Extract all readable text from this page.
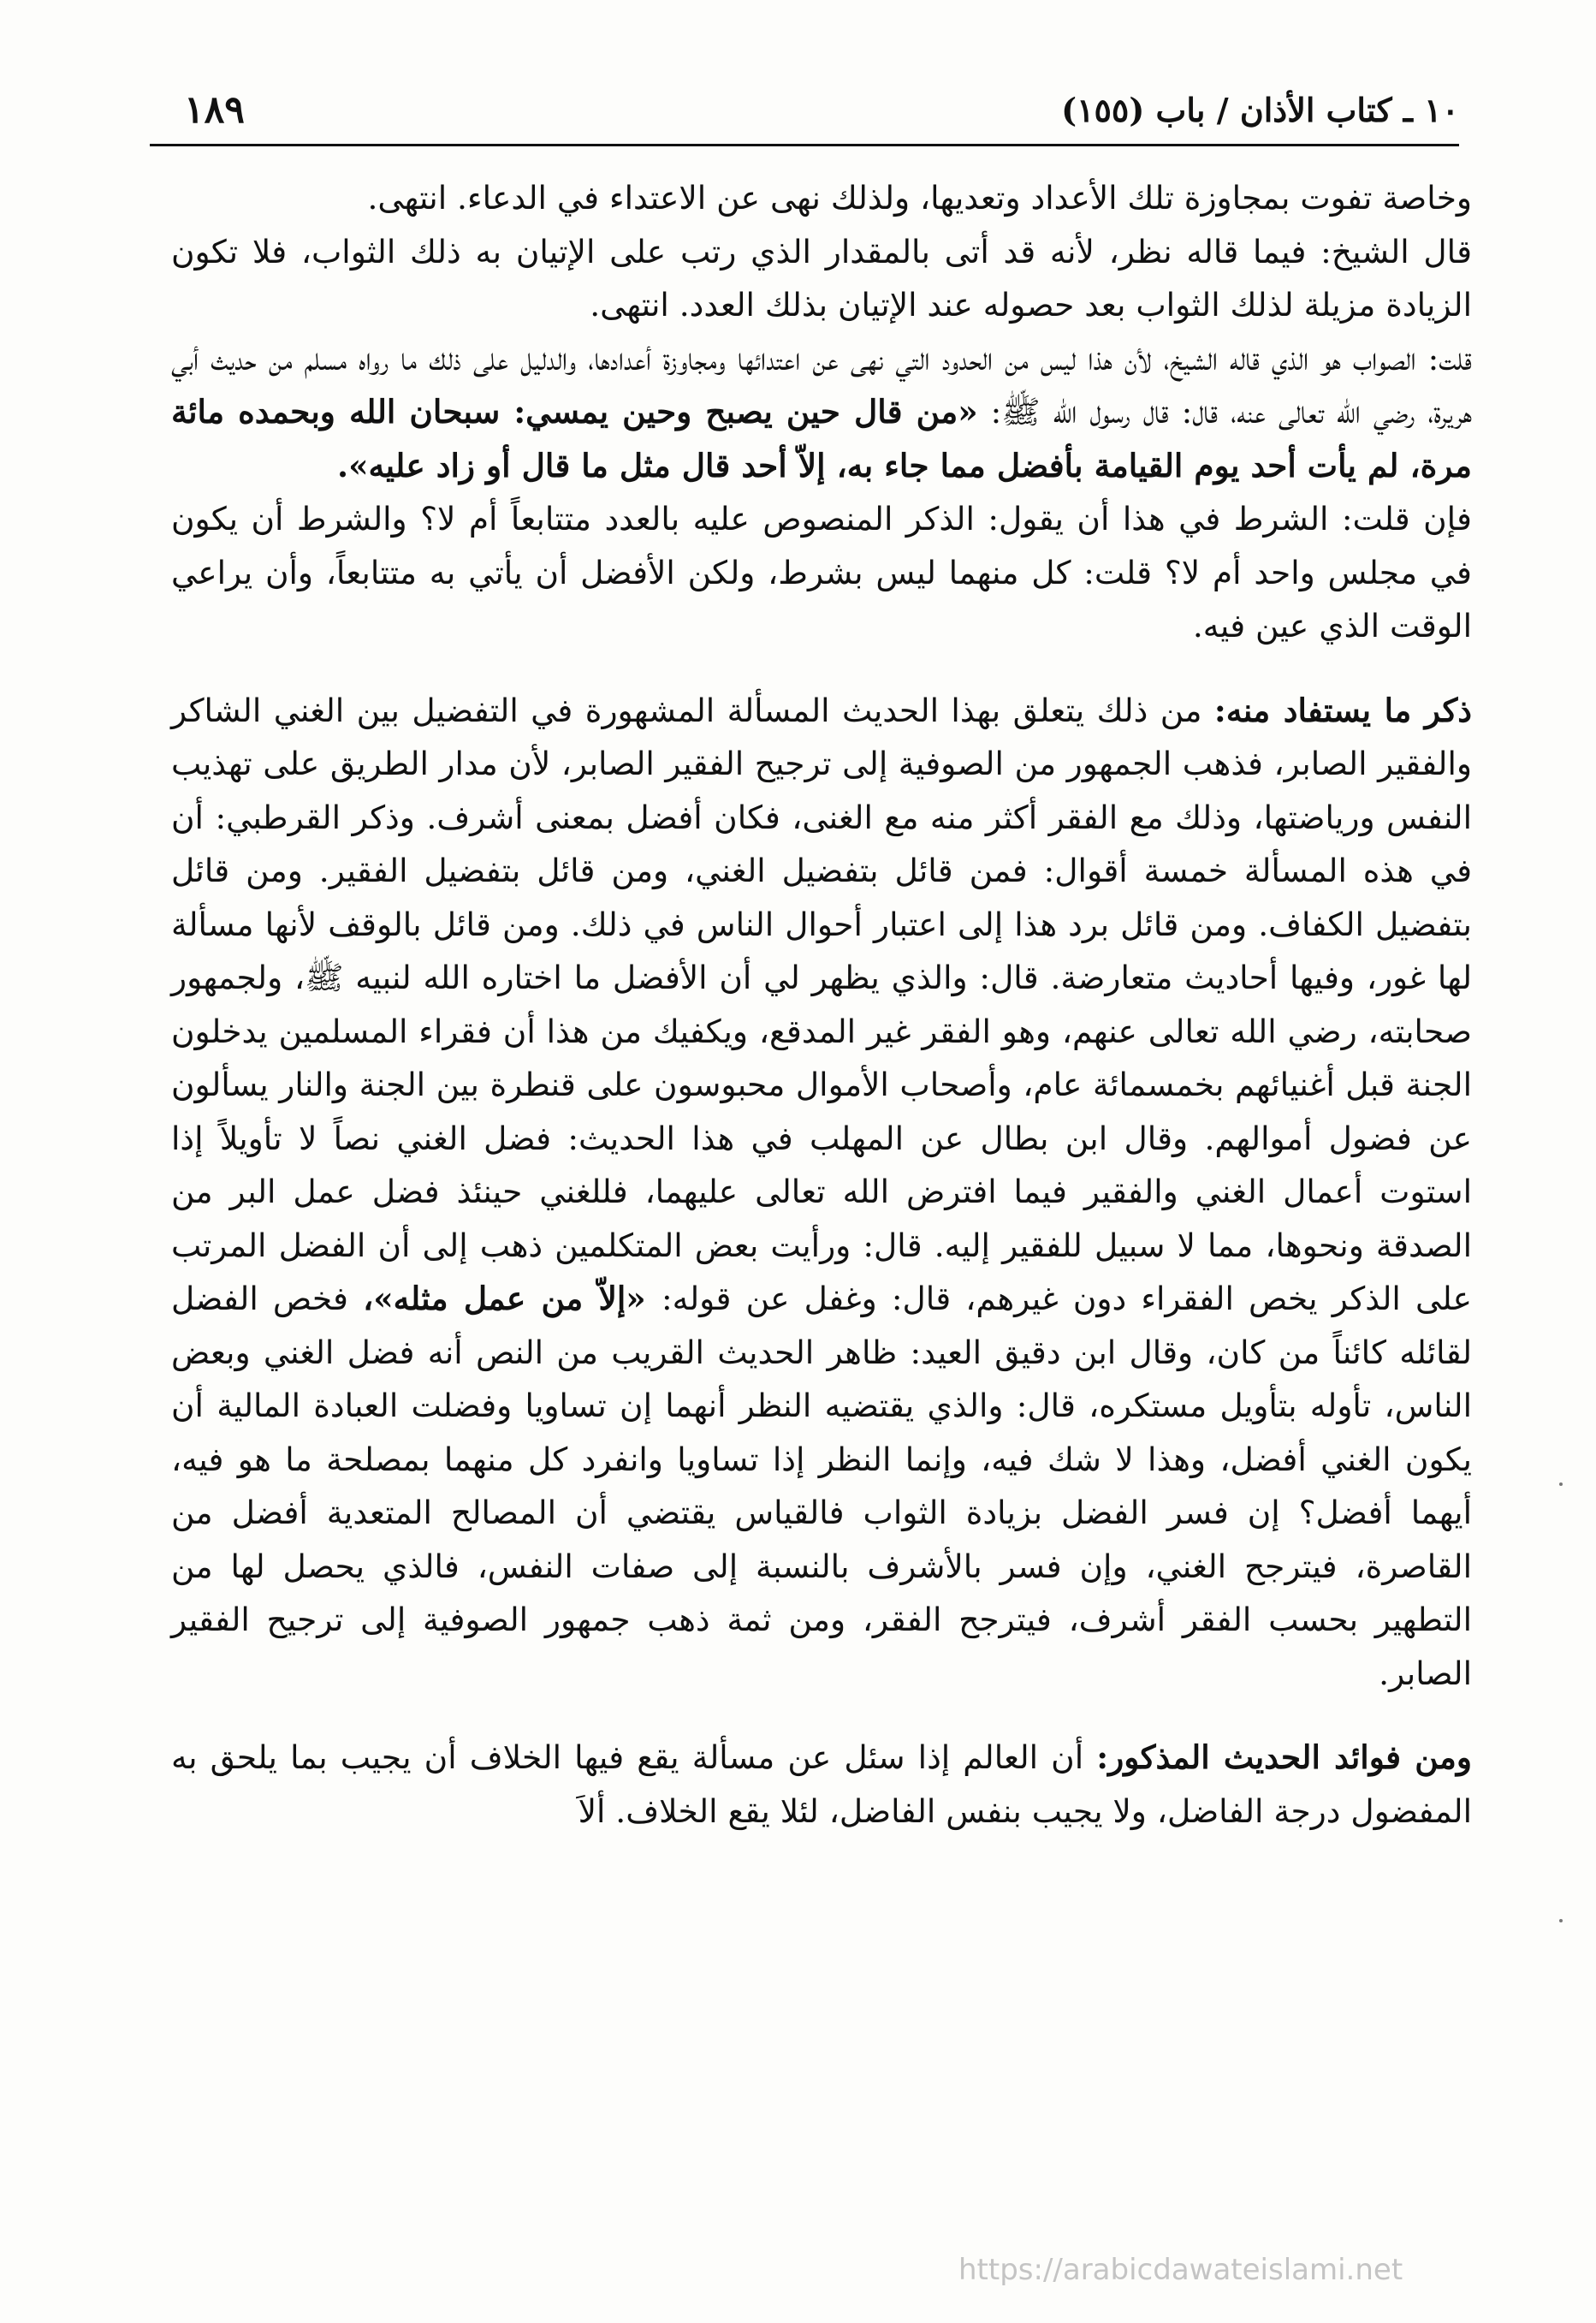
١٨٩	١٠ ـ كتاب الأذان / باب (١٥٥)

وخاصة تفوت بمجاوزة تلك الأعداد وتعديها، ولذلك نهى عن الاعتداء في الدعاء. انتهى.

قال الشيخ: فيما قاله نظر، لأنه قد أتى بالمقدار الذي رتب على الإتيان به ذلك الثواب، فلا تكون الزيادة مزيلة لذلك الثواب بعد حصوله عند الإتيان بذلك العدد. انتهى.

قلت: الصواب هو الذي قاله الشيخ، لأن هذا ليس من الحدود التي نهى عن اعتدائها ومجاوزة أعدادها، والدليل على ذلك ما رواه مسلم من حديث أبي هريرة، رضي الله تعالى عنه، قال: قال رسول الله ﷺ: «من قال حين يصبح وحين يمسي: سبحان الله وبحمده مائة مرة، لم يأت أحد يوم القيامة بأفضل مما جاء به، إلاّ أحد قال مثل ما قال أو زاد عليه».

فإن قلت: الشرط في هذا أن يقول: الذكر المنصوص عليه بالعدد متتابعاً أم لا؟ والشرط أن يكون في مجلس واحد أم لا؟ قلت: كل منهما ليس بشرط، ولكن الأفضل أن يأتي به متتابعاً، وأن يراعي الوقت الذي عين فيه.

ذكر ما يستفاد منه: من ذلك يتعلق بهذا الحديث المسألة المشهورة في التفضيل بين الغني الشاكر والفقير الصابر، فذهب الجمهور من الصوفية إلى ترجيح الفقير الصابر، لأن مدار الطريق على تهذيب النفس ورياضتها، وذلك مع الفقر أكثر منه مع الغنى، فكان أفضل بمعنى أشرف. وذكر القرطبي: أن في هذه المسألة خمسة أقوال: فمن قائل بتفضيل الغني، ومن قائل بتفضيل الفقير. ومن قائل بتفضيل الكفاف. ومن قائل برد هذا إلى اعتبار أحوال الناس في ذلك. ومن قائل بالوقف لأنها مسألة لها غور، وفيها أحاديث متعارضة. قال: والذي يظهر لي أن الأفضل ما اختاره الله لنبيه ﷺ، ولجمهور صحابته، رضي الله تعالى عنهم، وهو الفقر غير المدقع، ويكفيك من هذا أن فقراء المسلمين يدخلون الجنة قبل أغنيائهم بخمسمائة عام، وأصحاب الأموال محبوسون على قنطرة بين الجنة والنار يسألون عن فضول أموالهم. وقال ابن بطال عن المهلب في هذا الحديث: فضل الغني نصاً لا تأويلاً إذا استوت أعمال الغني والفقير فيما افترض الله تعالى عليهما، فللغني حينئذ فضل عمل البر من الصدقة ونحوها، مما لا سبيل للفقير إليه. قال: ورأيت بعض المتكلمين ذهب إلى أن الفضل المرتب على الذكر يخص الفقراء دون غيرهم، قال: وغفل عن قوله: «إلاّ من عمل مثله»، فخص الفضل لقائله كائناً من كان، وقال ابن دقيق العيد: ظاهر الحديث القريب من النص أنه فضل الغني وبعض الناس، تأوله بتأويل مستكره، قال: والذي يقتضيه النظر أنهما إن تساويا وفضلت العبادة المالية أن يكون الغني أفضل، وهذا لا شك فيه، وإنما النظر إذا تساويا وانفرد كل منهما بمصلحة ما هو فيه، أيهما أفضل؟ إن فسر الفضل بزيادة الثواب فالقياس يقتضي أن المصالح المتعدية أفضل من القاصرة، فيترجح الغني، وإن فسر بالأشرف بالنسبة إلى صفات النفس، فالذي يحصل لها من التطهير بحسب الفقر أشرف، فيترجح الفقر، ومن ثمة ذهب جمهور الصوفية إلى ترجيح الفقير الصابر.

ومن فوائد الحديث المذكور: أن العالم إذا سئل عن مسألة يقع فيها الخلاف أن يجيب بما يلحق به المفضول درجة الفاضل، ولا يجيب بنفس الفاضل، لئلا يقع الخلاف. ألاَ

https://arabicdawateislami.net
